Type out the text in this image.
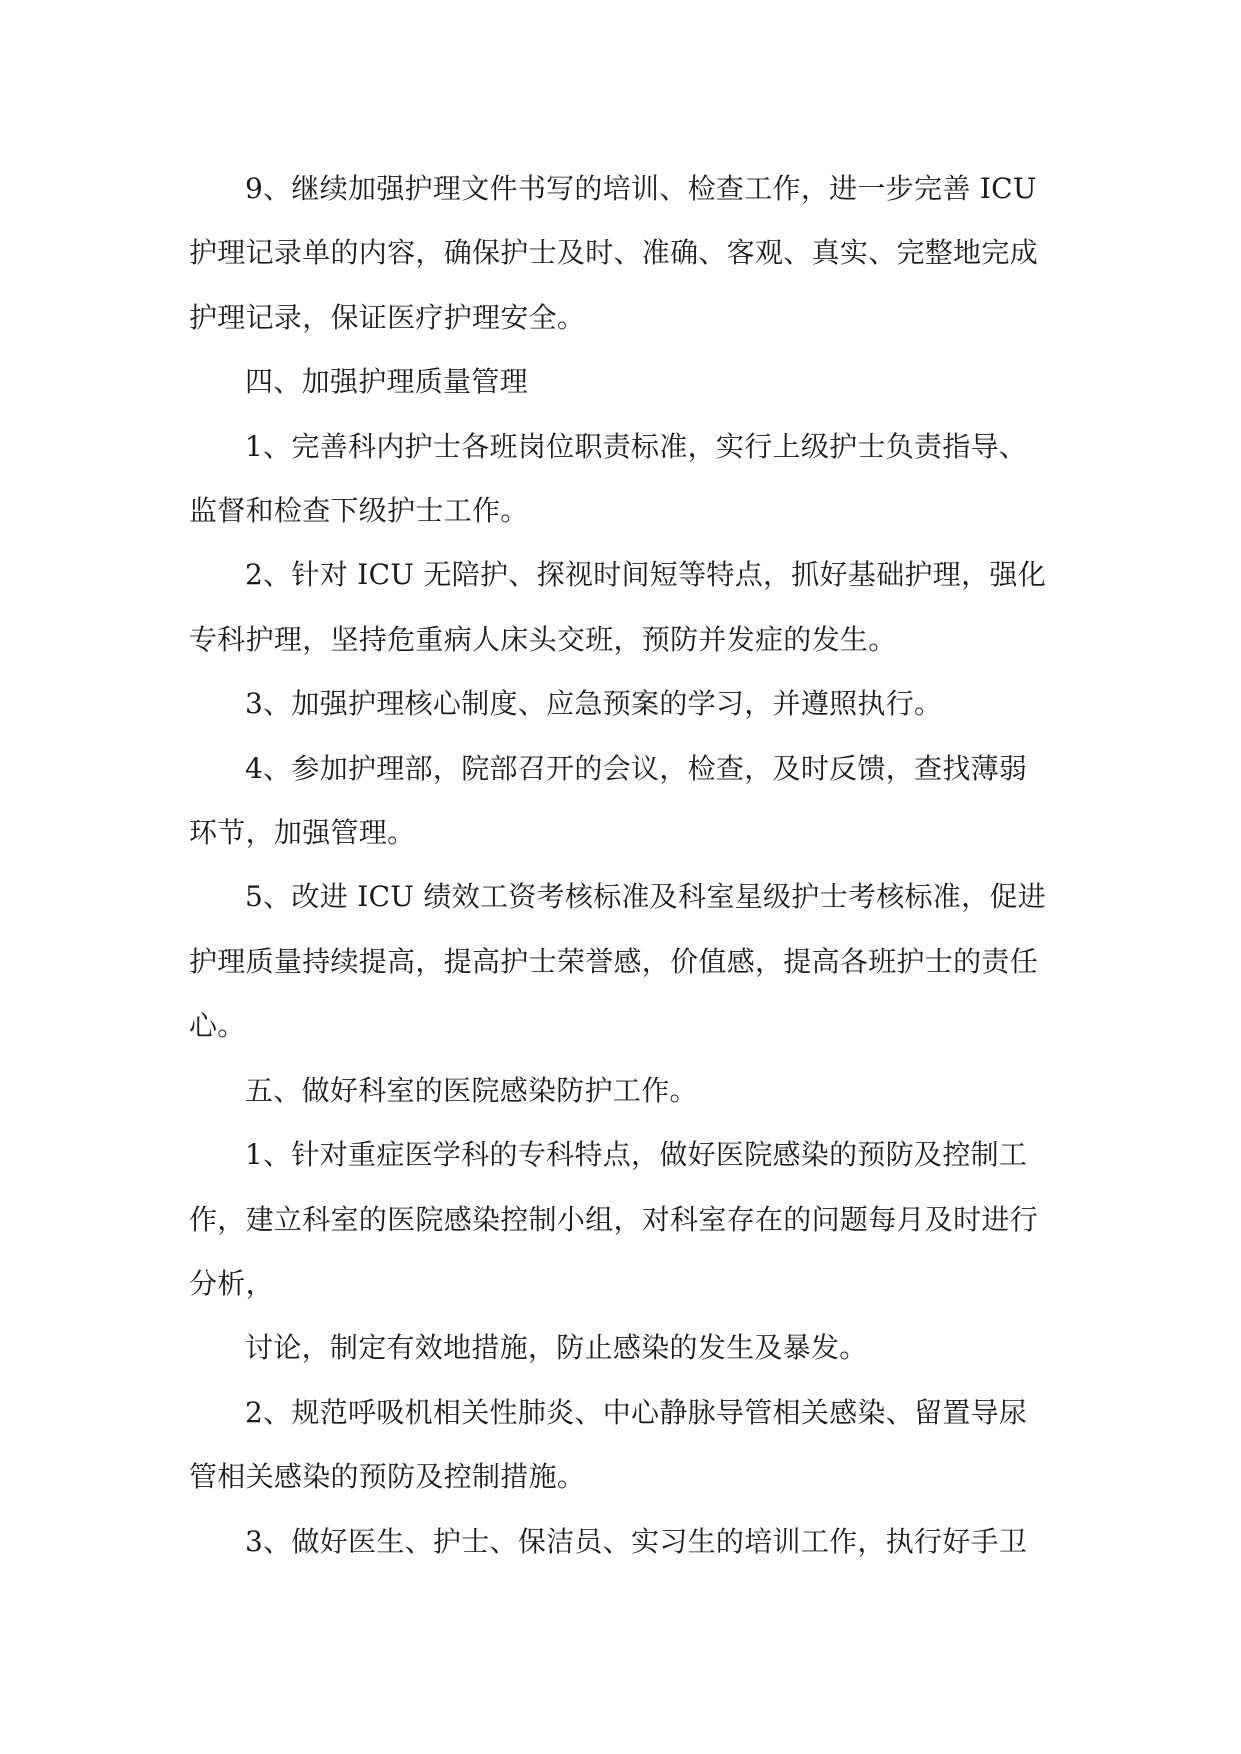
9、继续加强护理文件书写的培训、检查工作，进一步完善 ICU
护理记录单的内容，确保护士及时、准确、客观、真实、完整地完成
护理记录，保证医疗护理安全。

四、加强护理质量管理

1、完善科内护士各班岗位职责标准，实行上级护士负责指导、
监督和检查下级护士工作。

2、针对 ICU 无陪护、探视时间短等特点，抓好基础护理，强化
专科护理，坚持危重病人床头交班，预防并发症的发生。

3、加强护理核心制度、应急预案的学习，并遵照执行。

4、参加护理部，院部召开的会议，检查，及时反馈，查找薄弱
环节，加强管理。

5、改进 ICU 绩效工资考核标准及科室星级护士考核标准，促进
护理质量持续提高，提高护士荣誉感，价值感，提高各班护士的责任
心。

五、做好科室的医院感染防护工作。

1、针对重症医学科的专科特点，做好医院感染的预防及控制工
作，建立科室的医院感染控制小组，对科室存在的问题每月及时进行
分析，

讨论，制定有效地措施，防止感染的发生及暴发。

2、规范呼吸机相关性肺炎、中心静脉导管相关感染、留置导尿
管相关感染的预防及控制措施。

3、做好医生、护士、保洁员、实习生的培训工作，执行好手卫
